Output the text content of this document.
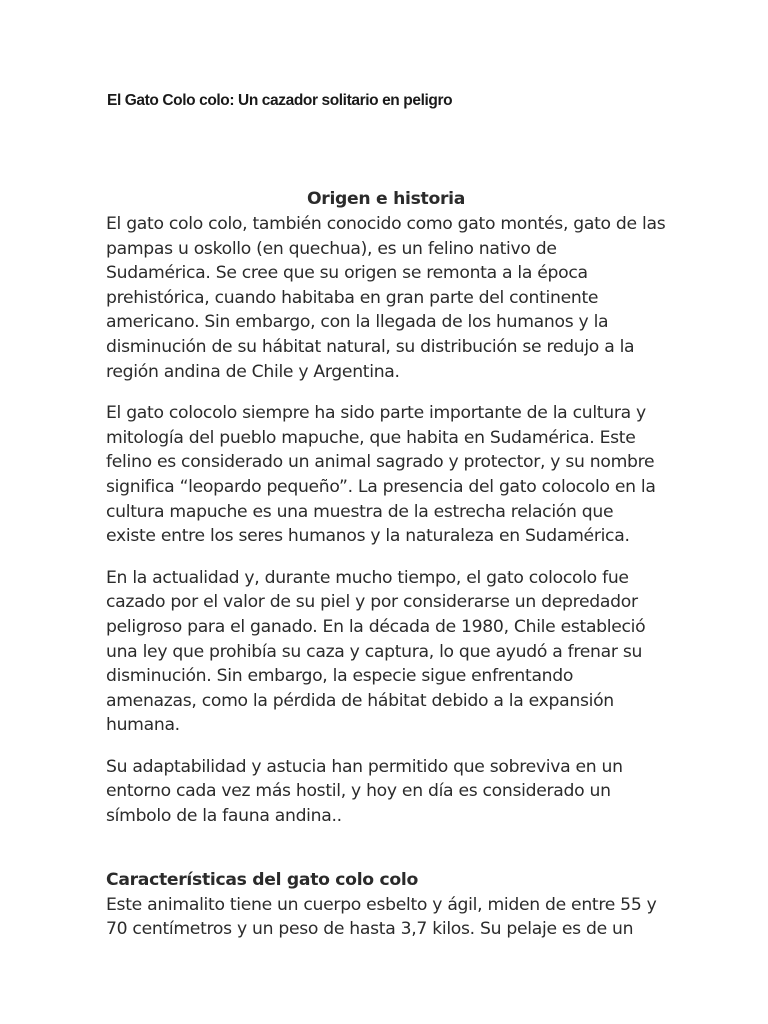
El Gato Colo colo: Un cazador solitario en peligro
Origen e historia

El gato colo colo, también conocido como gato montés, gato de las pampas u oskollo (en quechua), es un felino nativo de Sudamérica. Se cree que su origen se remonta a la época prehistórica, cuando habitaba en gran parte del continente americano. Sin embargo, con la llegada de los humanos y la disminución de su hábitat natural, su distribución se redujo a la región andina de Chile y Argentina.

El gato colocolo siempre ha sido parte importante de la cultura y mitología del pueblo mapuche, que habita en Sudamérica. Este felino es considerado un animal sagrado y protector, y su nombre significa “leopardo pequeño”. La presencia del gato colocolo en la cultura mapuche es una muestra de la estrecha relación que existe entre los seres humanos y la naturaleza en Sudamérica.

En la actualidad y, durante mucho tiempo, el gato colocolo fue cazado por el valor de su piel y por considerarse un depredador peligroso para el ganado. En la década de 1980, Chile estableció una ley que prohibía su caza y captura, lo que ayudó a frenar su disminución. Sin embargo, la especie sigue enfrentando amenazas, como la pérdida de hábitat debido a la expansión humana.

Su adaptabilidad y astucia han permitido que sobreviva en un entorno cada vez más hostil, y hoy en día es considerado un símbolo de la fauna andina..

Características del gato colo colo

Este animalito tiene un cuerpo esbelto y ágil, miden de entre 55 y 70 centímetros y un peso de hasta 3,7 kilos. Su pelaje es de un
